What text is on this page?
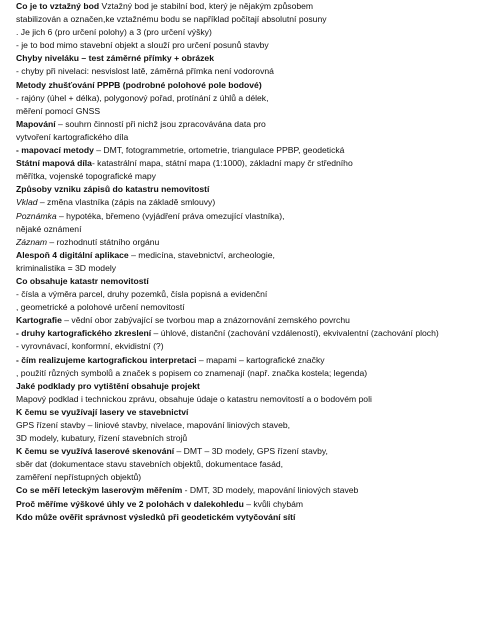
Co je to vztažný bod Vztažný bod je stabilní bod, který je nějakým způsobem
stabilizován a označen,ke vztažnému bodu se například počítají absolutní posuny
. Je jich 6 (pro určení polohy) a 3 (pro určení výšky)
- je to bod mimo stavební objekt a slouží pro určení posunů stavby
Chyby niveláku – test záměrné přímky + obrázek
- chyby při nivelaci: nesvislost latě, záměrná přímka není vodorovná
Metody zhušťování PPPB (podrobné polohové pole bodové)
- rajóny (úhel + délka), polygonový pořad, protínání z úhlů a délek,
měření pomocí GNSS
Mapování – souhrn činností při nichž jsou zpracovávána data pro
vytvoření kartografického díla
- mapovací metody – DMT, fotogrammetrie, ortometrie, triangulace PPBP, geodetická
Státní mapová díla- katastrální mapa, státní mapa (1:1000), základní mapy čr středního
měřítka, vojenské topografické mapy
Způsoby vzniku zápisů do katastru nemovitostí
Vklad – změna vlastníka (zápis na základě smlouvy)
Poznámka – hypotéka, břemeno (vyjádření práva omezující vlastníka),
nějaké oznámení
Záznam – rozhodnutí státního orgánu
Alespoň 4 digitální aplikace – medicína, stavebnictví, archeologie,
kriminalistika = 3D modely
Co obsahuje katastr nemovitostí
- čísla a výměra parcel, druhy pozemků, čísla popisná a evidenční
, geometrické a polohové určení nemovitostí
Kartografie – vědní obor zabývající se tvorbou map a znázornování zemského povrchu
- druhy kartografického zkreslení – úhlové, distanční (zachování vzdáleností), ekvivalentní (zachování ploch)
- vyrovnávací, konformní, ekvidistní (?)
- čím realizujeme kartografickou interpretaci – mapami – kartografické značky
, použití různých symbolů a značek s popisem co znamenají (např. značka kostela; legenda)
Jaké podklady pro vytištění obsahuje projekt
Mapový podklad i technickou zprávu, obsahuje údaje o katastru nemovitostí a o bodovém poli
K čemu se využívají lasery ve stavebnictví
GPS řízení stavby – liniové stavby, nivelace, mapování liniových staveb,
3D modely, kubatury, řízení stavebních strojů
K čemu se využívá laserové skenování – DMT – 3D modely, GPS řízení stavby,
sběr dat (dokumentace stavu stavebních objektů, dokumentace fasád,
zaměření nepřístupných objektů)
Co se měří leteckým laserovým měřením - DMT, 3D modely, mapování liniových staveb
Proč měříme výškové úhly ve 2 polohách v dalekohledu – kvůli chybám
Kdo může ověřit správnost výsledků při geodetickém vytyčování sítí
